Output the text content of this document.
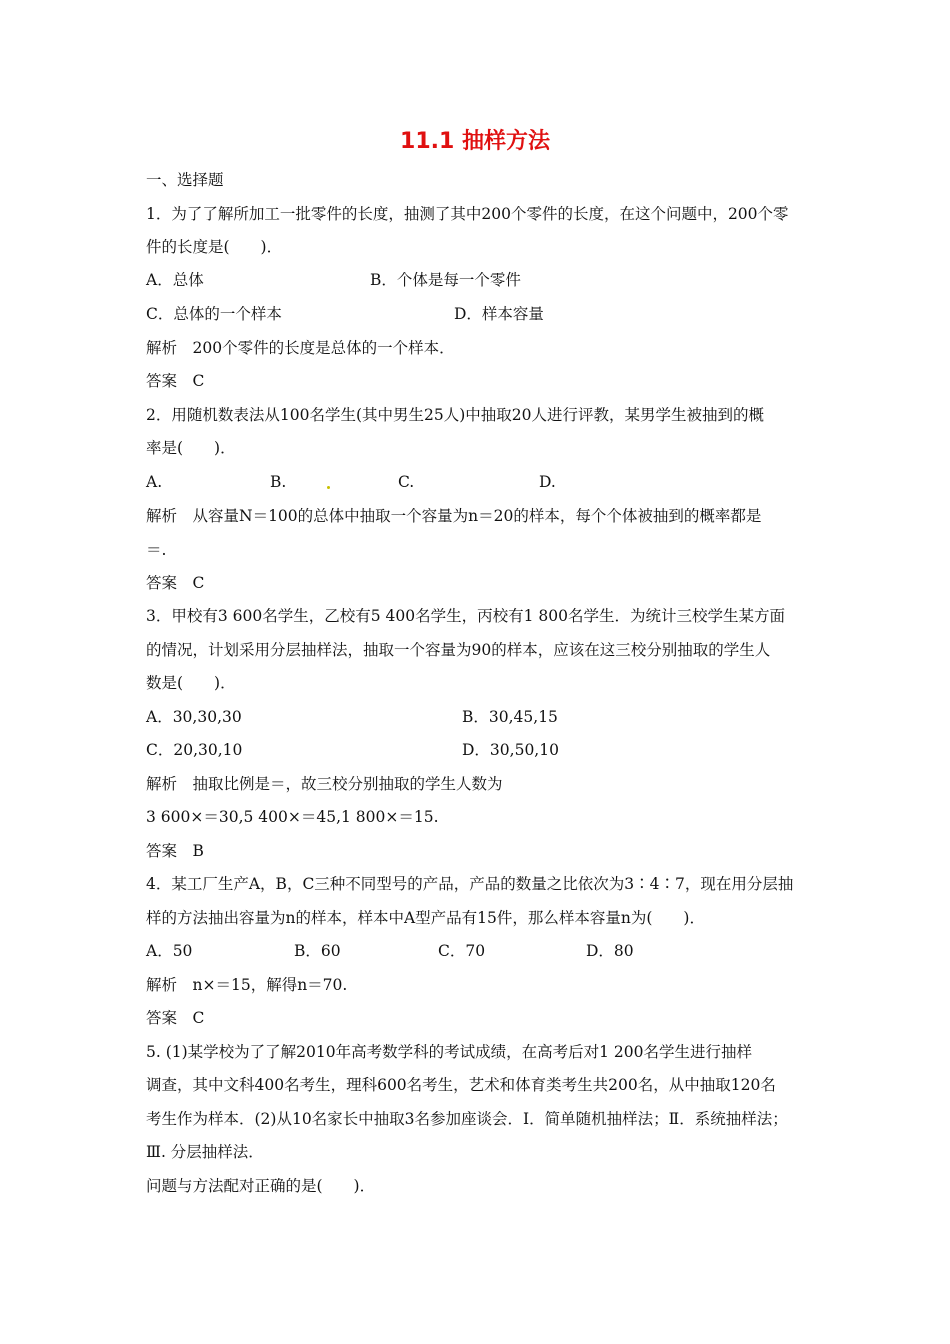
11.1 抽样方法
一、选择题
1．为了了解所加工一批零件的长度，抽测了其中200个零件的长度，在这个问题中，200个零
件的长度是(　　)．
A．总体	B．个体是每一个零件
C．总体的一个样本	D．样本容量
解析　200个零件的长度是总体的一个样本．
答案　C
2．用随机数表法从100名学生(其中男生25人)中抽取20人进行评教，某男学生被抽到的概
率是(　　)．
A.	B.	C.	D.
解析　从容量N＝100的总体中抽取一个容量为n＝20的样本，每个个体被抽到的概率都是
＝.
答案　C
3．甲校有3 600名学生，乙校有5 400名学生，丙校有1 800名学生．为统计三校学生某方面
的情况，计划采用分层抽样法，抽取一个容量为90的样本，应该在这三校分别抽取的学生人
数是(　　)．
A．30,30,30	B．30,45,15
C．20,30,10	D．30,50,10
解析　抽取比例是＝，故三校分别抽取的学生人数为
3 600×＝30,5 400×＝45,1 800×＝15.
答案　B
4．某工厂生产A，B，C三种不同型号的产品，产品的数量之比依次为3∶4∶7，现在用分层抽
样的方法抽出容量为n的样本，样本中A型产品有15件，那么样本容量n为(　　)．
A．50	B．60	C．70	D．80
解析　n×＝15，解得n＝70.
答案　C
5. (1)某学校为了了解2010年高考数学科的考试成绩，在高考后对1 200名学生进行抽样
调查，其中文科400名考生，理科600名考生，艺术和体育类考生共200名，从中抽取120名
考生作为样本．(2)从10名家长中抽取3名参加座谈会．Ⅰ．简单随机抽样法；Ⅱ．系统抽样法；
Ⅲ. 分层抽样法．
问题与方法配对正确的是(　　)．
